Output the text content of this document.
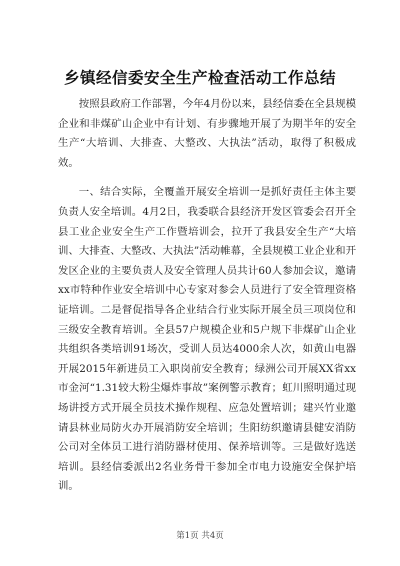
乡镇经信委安全生产检查活动工作总结

按照县政府工作部署，今年4月份以来，县经信委在全县规模企业和非煤矿山企业中有计划、有步骤地开展了为期半年的安全生产“大培训、大排查、大整改、大执法”活动，取得了积极成效。

一、结合实际，全覆盖开展安全培训一是抓好责任主体主要负责人安全培训。4月2日，我委联合县经济开发区管委会召开全县工业企业安全生产工作暨培训会，拉开了我县安全生产“大培训、大排查、大整改、大执法”活动帷幕，全县规模工业企业和开发区企业的主要负责人及安全管理人员共计60人参加会议，邀请xx市特种作业安全培训中心专家对参会人员进行了安全管理资格证培训。二是督促指导各企业结合行业实际开展全员三项岗位和三级安全教育培训。全县57户规模企业和5户规下非煤矿山企业共组织各类培训91场次，受训人员达4000余人次，如黄山电器开展2015年新进员工入职岗前安全教育；绿洲公司开展XX省xx市金河“1.31较大粉尘爆炸事故”案例警示教育；虹川照明通过现场讲授方式开展全员技术操作规程、应急处置培训；建兴竹业邀请县林业局防火办开展消防安全培训；生阳纺织邀请县健安消防公司对全体员工进行消防器材使用、保养培训等。三是做好选送培训。县经信委派出2名业务骨干参加全市电力设施安全保护培训。

第1页 共4页
